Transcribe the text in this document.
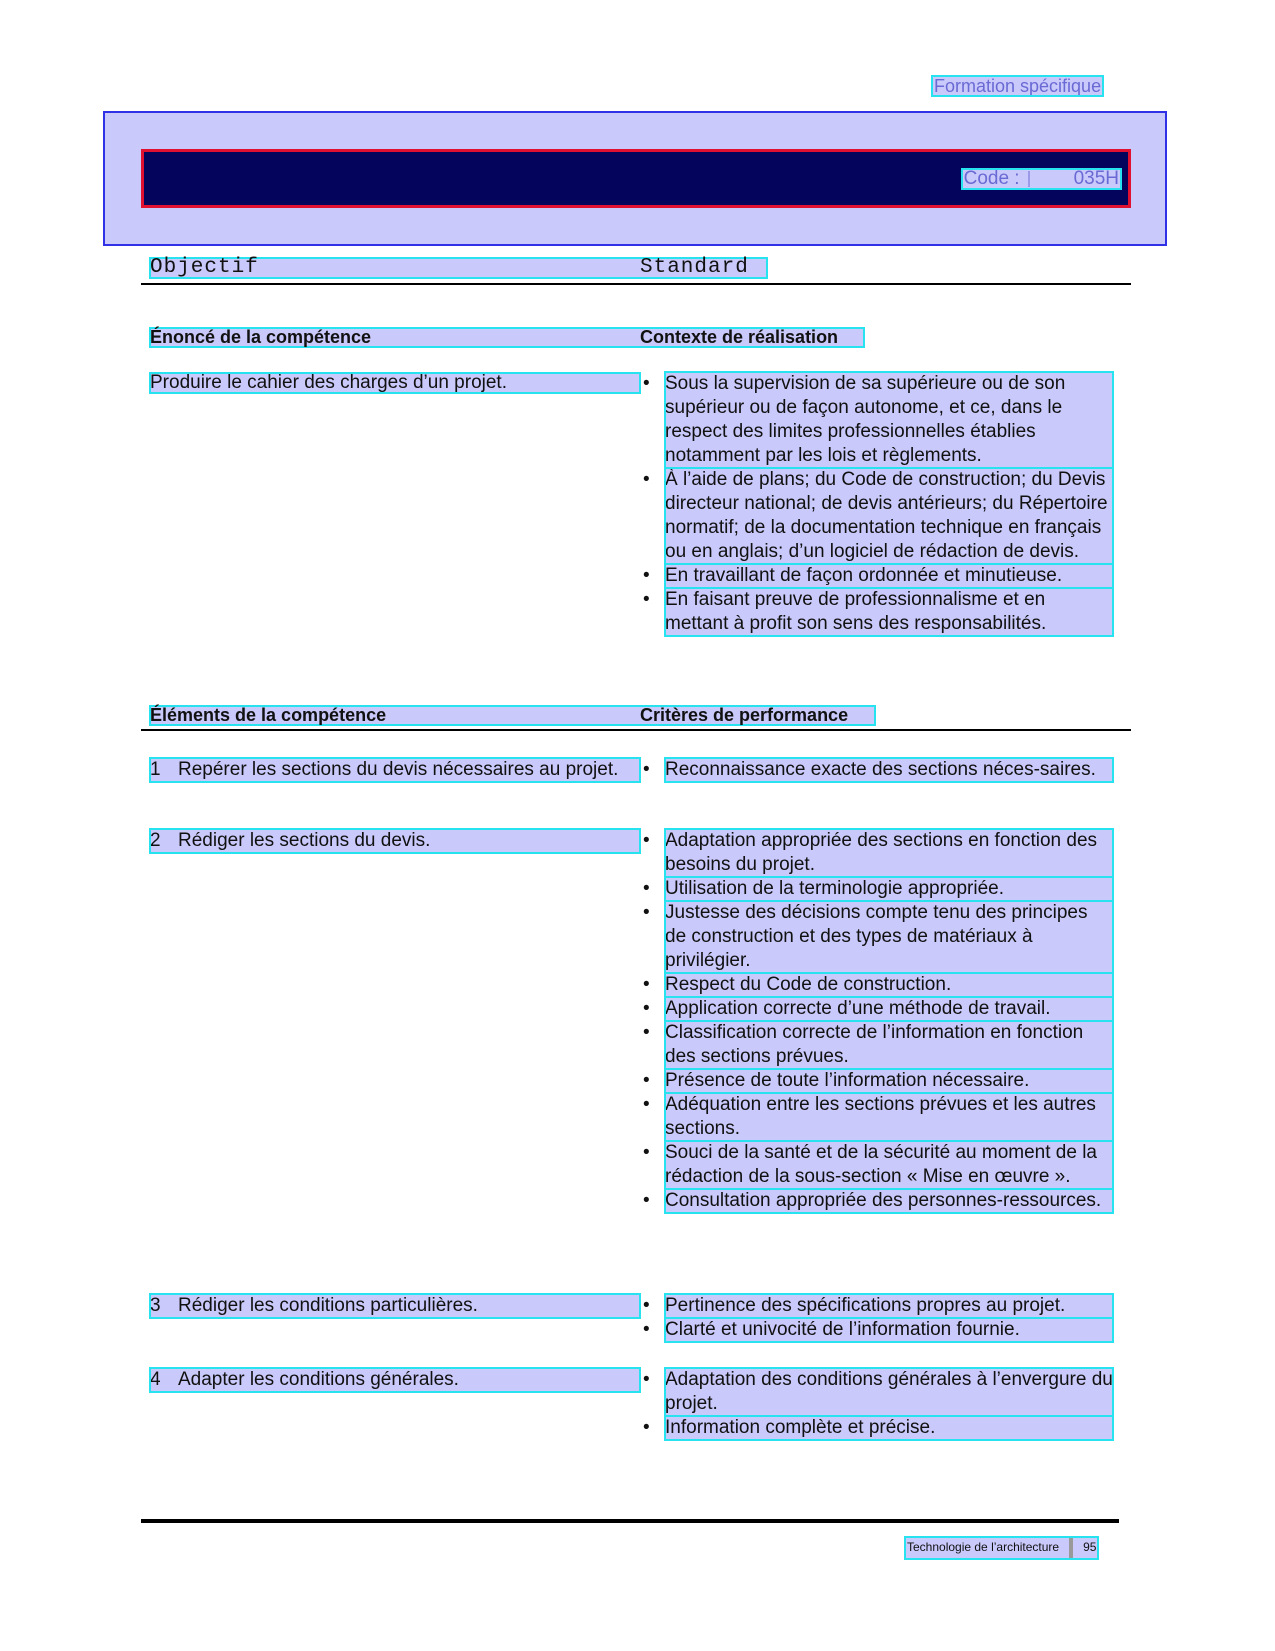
Formation spécifique
Code :	035H
Objectif	Standard
Énoncé de la compétence	Contexte de réalisation
Produire le cahier des charges d’un projet.	• Sous la supervision de sa supérieure ou de son supérieur ou de façon autonome, et ce, dans le respect des limites professionnelles établies notamment par les lois et règlements.
• À l’aide de plans; du Code de construction; du Devis directeur national; de devis antérieurs; du Répertoire normatif; de la documentation technique en français ou en anglais; d’un logiciel de rédaction de devis.
• En travaillant de façon ordonnée et minutieuse.
• En faisant preuve de professionnalisme et en mettant à profit son sens des responsabilités.
Éléments de la compétence	Critères de performance
1 Repérer les sections du devis nécessaires au projet. • Reconnaissance exacte des sections néces-saires.
2 Rédiger les sections du devis.	• Adaptation appropriée des sections en fonction des besoins du projet.
• Utilisation de la terminologie appropriée.
• Justesse des décisions compte tenu des principes de construction et des types de matériaux à privilégier.
• Respect du Code de construction.
• Application correcte d’une méthode de travail.
• Classification correcte de l’information en fonction des sections prévues.
• Présence de toute l’information nécessaire.
• Adéquation entre les sections prévues et les autres sections.
• Souci de la santé et de la sécurité au moment de la rédaction de la sous-section « Mise en œuvre ».
• Consultation appropriée des personnes-ressources.
3 Rédiger les conditions particulières.	• Pertinence des spécifications propres au projet.
• Clarté et univocité de l’information fournie.
4 Adapter les conditions générales.	• Adaptation des conditions générales à l’envergure du projet.
• Information complète et précise.
Technologie de l’architecture 95
